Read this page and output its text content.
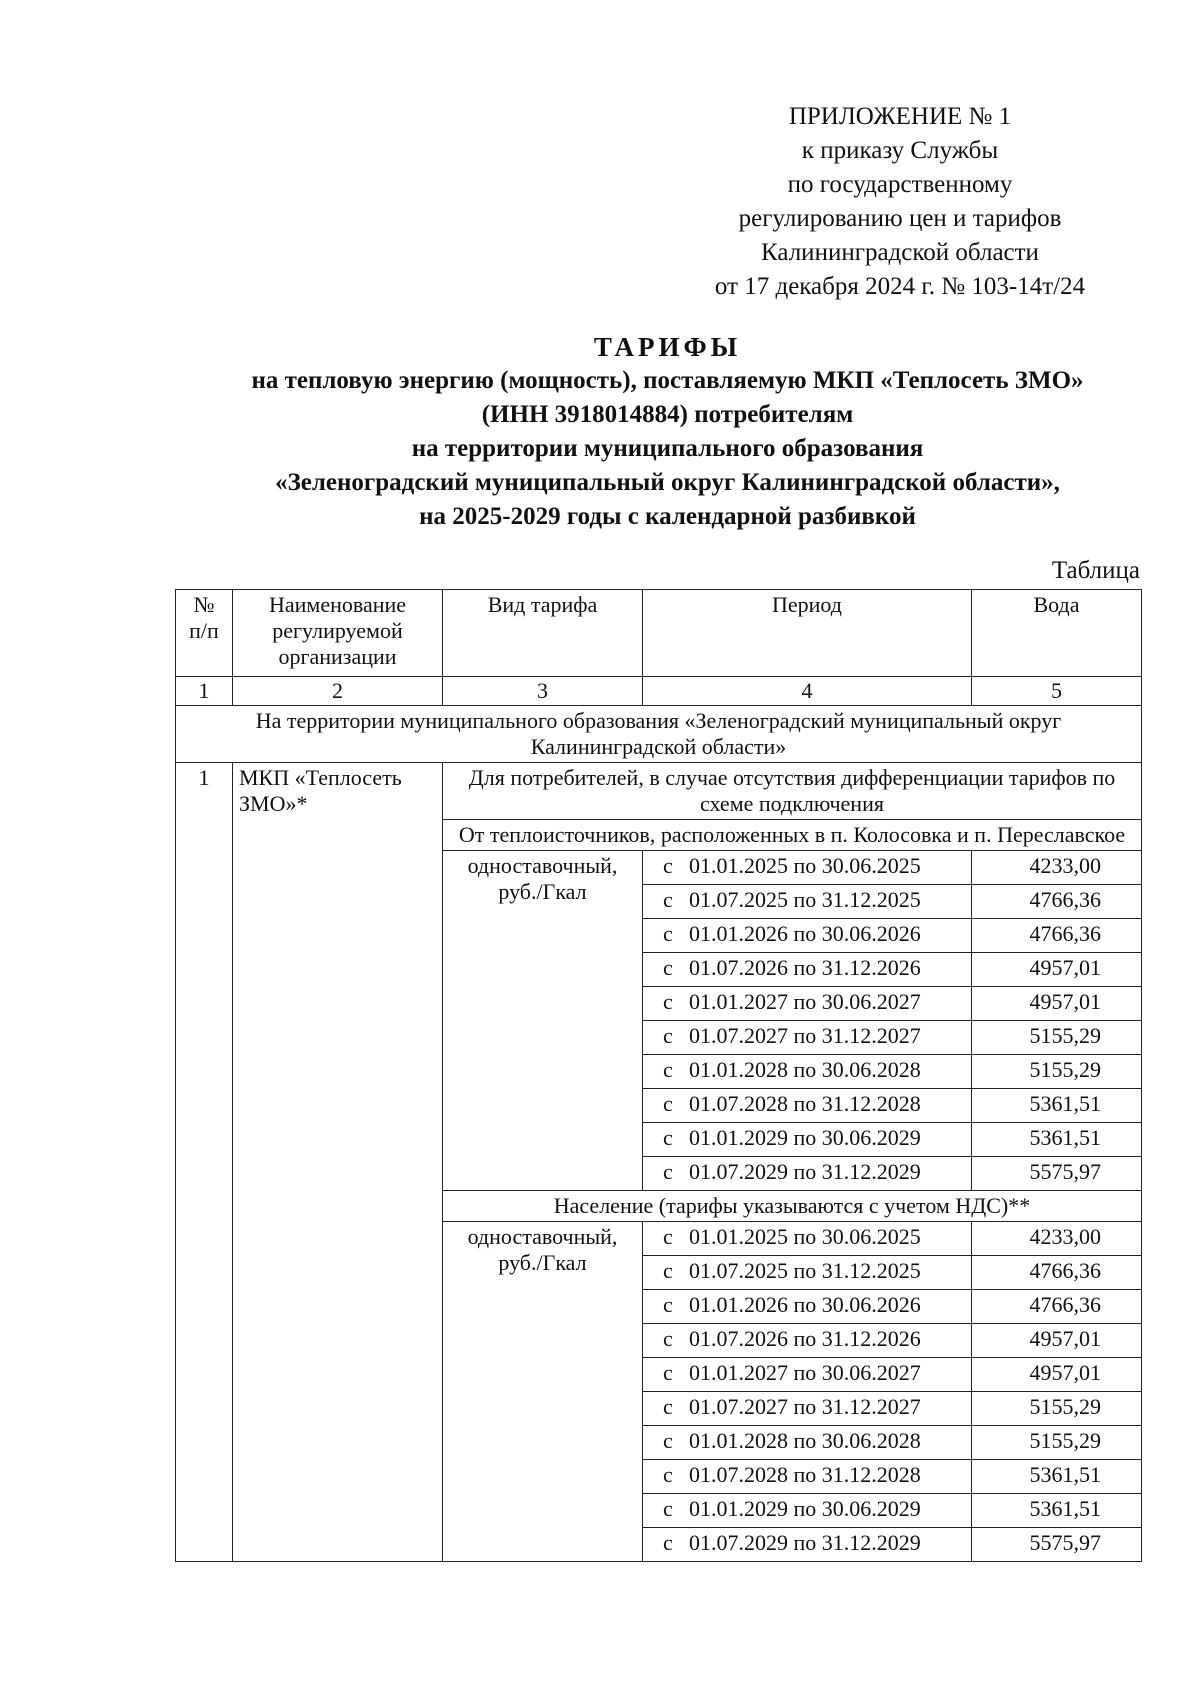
ПРИЛОЖЕНИЕ № 1
к приказу Службы
по государственному
регулированию цен и тарифов
Калининградской области
от 17 декабря 2024 г. № 103-14т/24
ТАРИФЫ
на тепловую энергию (мощность), поставляемую МКП «Теплосеть ЗМО»
(ИНН 3918014884) потребителям
на территории муниципального образования
«Зеленоградский муниципальный округ Калининградской области»,
на 2025-2029 годы с календарной разбивкой
Таблица
№ п/п	Наименование регулируемой организации	Вид тарифа	Период	Вода
1	2	3	4	5
На территории муниципального образования «Зеленоградский муниципальный округ Калининградской области»				
1	МКП «Теплосеть ЗМО»*	Для потребителей, в случае отсутствия дифференциации тарифов по схеме подключения		
		От теплоисточников, расположенных в п. Колосовка и п. Переславское		
		одноставочный, руб./Гкал	с 01.01.2025 по 30.06.2025	4233,00
			с 01.07.2025 по 31.12.2025	4766,36
			с 01.01.2026 по 30.06.2026	4766,36
			с 01.07.2026 по 31.12.2026	4957,01
			с 01.01.2027 по 30.06.2027	4957,01
			с 01.07.2027 по 31.12.2027	5155,29
			с 01.01.2028 по 30.06.2028	5155,29
			с 01.07.2028 по 31.12.2028	5361,51
			с 01.01.2029 по 30.06.2029	5361,51
			с 01.07.2029 по 31.12.2029	5575,97
		Население (тарифы указываются с учетом НДС)**		
		одноставочный, руб./Гкал	с 01.01.2025 по 30.06.2025	4233,00
			с 01.07.2025 по 31.12.2025	4766,36
			с 01.01.2026 по 30.06.2026	4766,36
			с 01.07.2026 по 31.12.2026	4957,01
			с 01.01.2027 по 30.06.2027	4957,01
			с 01.07.2027 по 31.12.2027	5155,29
			с 01.01.2028 по 30.06.2028	5155,29
			с 01.07.2028 по 31.12.2028	5361,51
			с 01.01.2029 по 30.06.2029	5361,51
			с 01.07.2029 по 31.12.2029	5575,97
